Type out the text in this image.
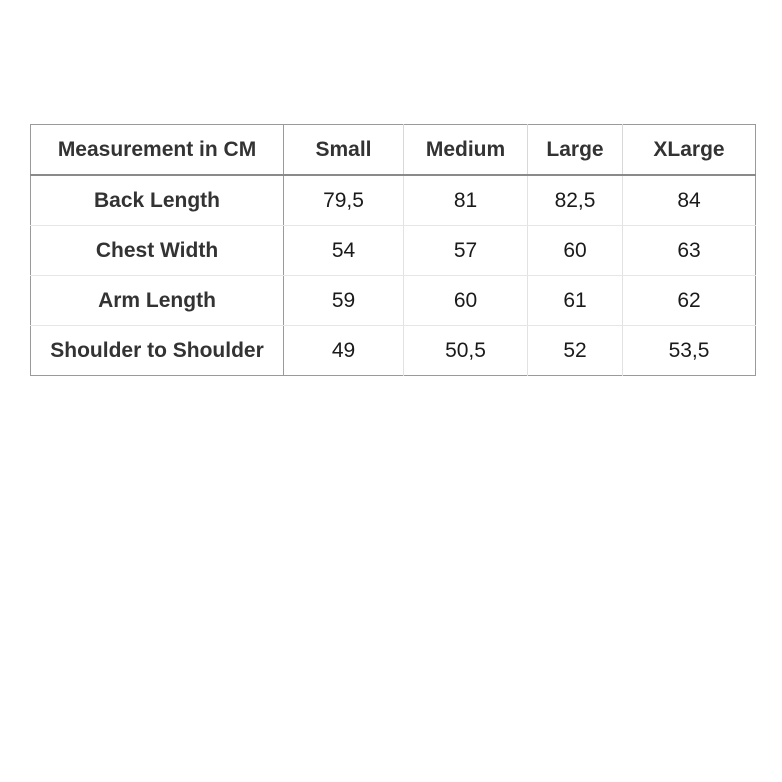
Measurement in CM	Small	Medium	Large	XLarge
Back Length	79,5	81	82,5	84
Chest Width	54	57	60	63
Arm Length	59	60	61	62
Shoulder to Shoulder	49	50,5	52	53,5
